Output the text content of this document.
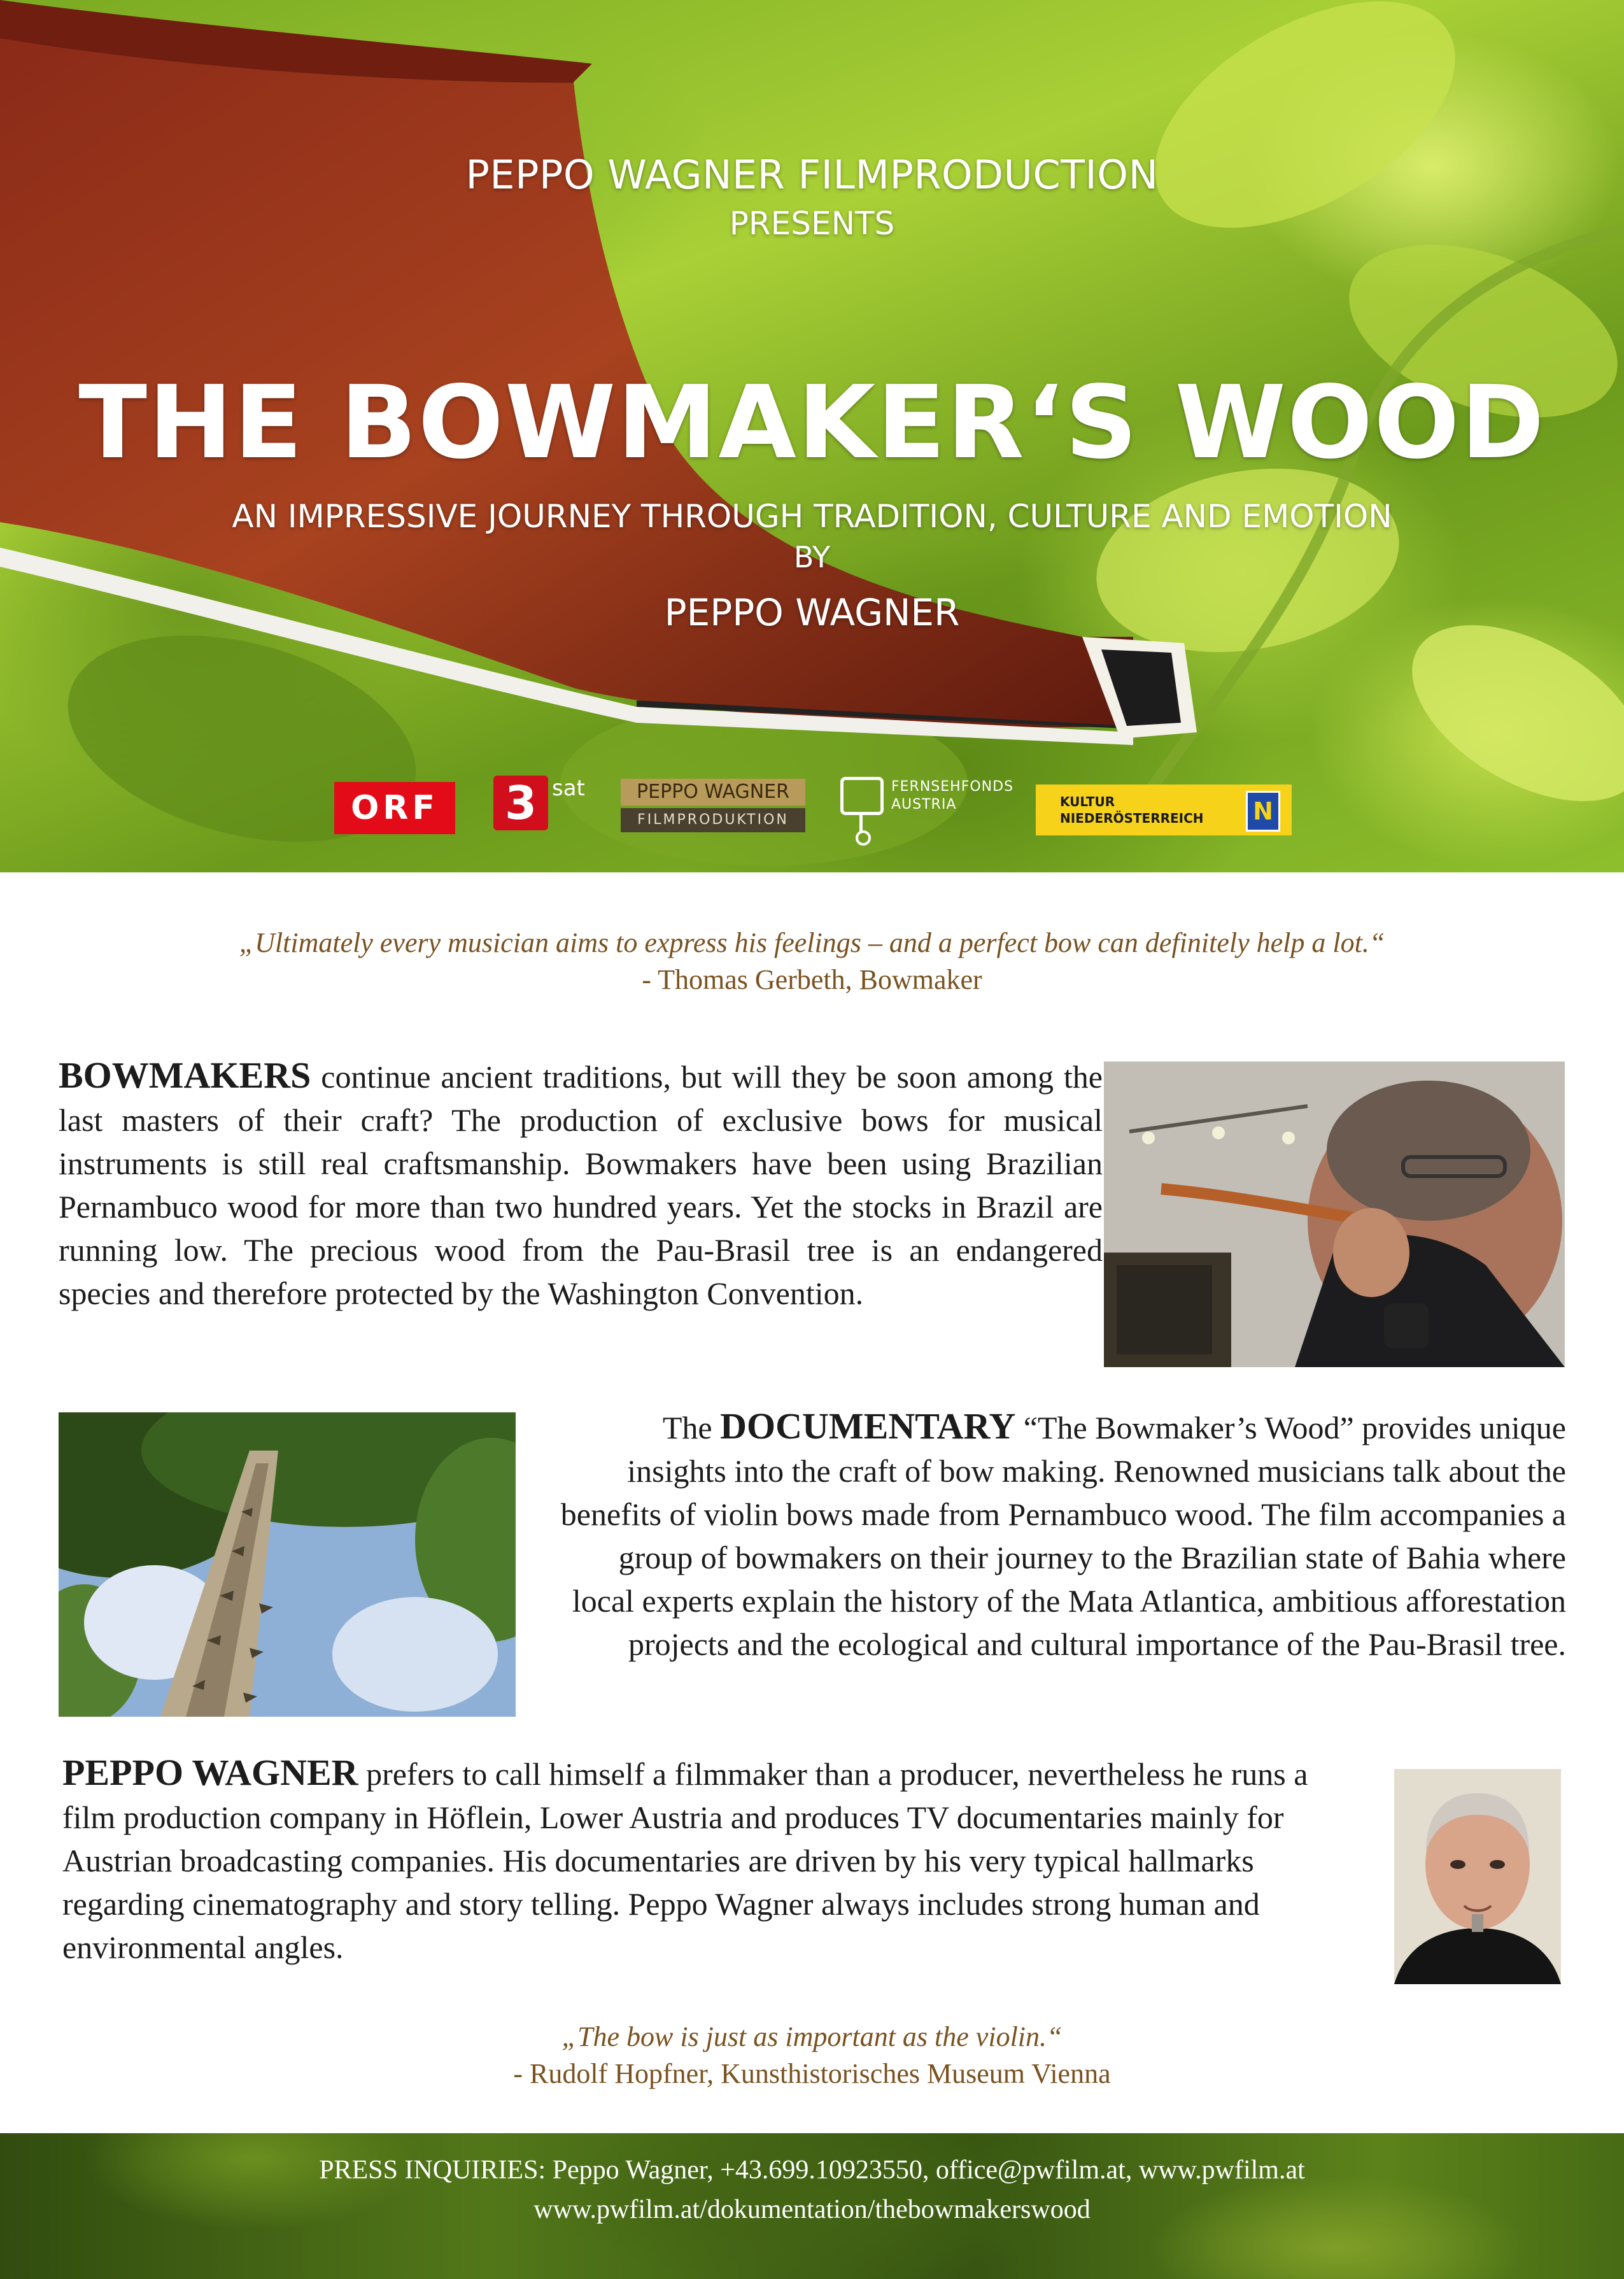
PEPPO WAGNER FILMPRODUCTION
PRESENTS
THE BOWMAKER‘S WOOD
AN IMPRESSIVE JOURNEY THROUGH TRADITION, CULTURE AND EMOTION
BY
PEPPO WAGNER
ORF	3 sat	PEPPO WAGNER
FILMPRODUKTION
FERNSEHFONDS
AUSTRIA	KULTUR
NIEDERÖSTERREICH N
„Ultimately every musician aims to express his feelings – and a perfect bow can definitely help a lot.“
- Thomas Gerbeth, Bowmaker

BOWMAKERS continue ancient traditions, but will they be soon among the last masters of their craft? The production of exclusive bows for musical instruments is still real craftsmanship. Bowmakers have been using Brazilian Pernambuco wood for more than two hundred years. Yet the stocks in Brazil are running low. The precious wood from the Pau-Brasil tree is an endangered species and therefore protected by the Washington Convention.

The DOCUMENTARY “The Bowmaker’s Wood” provides unique insights into the craft of bow making. Renowned musicians talk about the benefits of violin bows made from Pernambuco wood. The film accompanies a group of bowmakers on their journey to the Brazilian state of Bahia where local experts explain the history of the Mata Atlantica, ambitious afforestation projects and the ecological and cultural importance of the Pau-Brasil tree.

PEPPO WAGNER prefers to call himself a filmmaker than a producer, nevertheless he runs a film production company in Höflein, Lower Austria and produces TV documentaries mainly for Austrian broadcasting companies. His documentaries are driven by his very typical hallmarks regarding cinematography and story telling. Peppo Wagner always includes strong human and environmental angles.

„The bow is just as important as the violin.“
- Rudolf Hopfner, Kunsthistorisches Museum Vienna
PRESS INQUIRIES: Peppo Wagner, +43.699.10923550, office@pwfilm.at, www.pwfilm.at
www.pwfilm.at/dokumentation/thebowmakerswood
